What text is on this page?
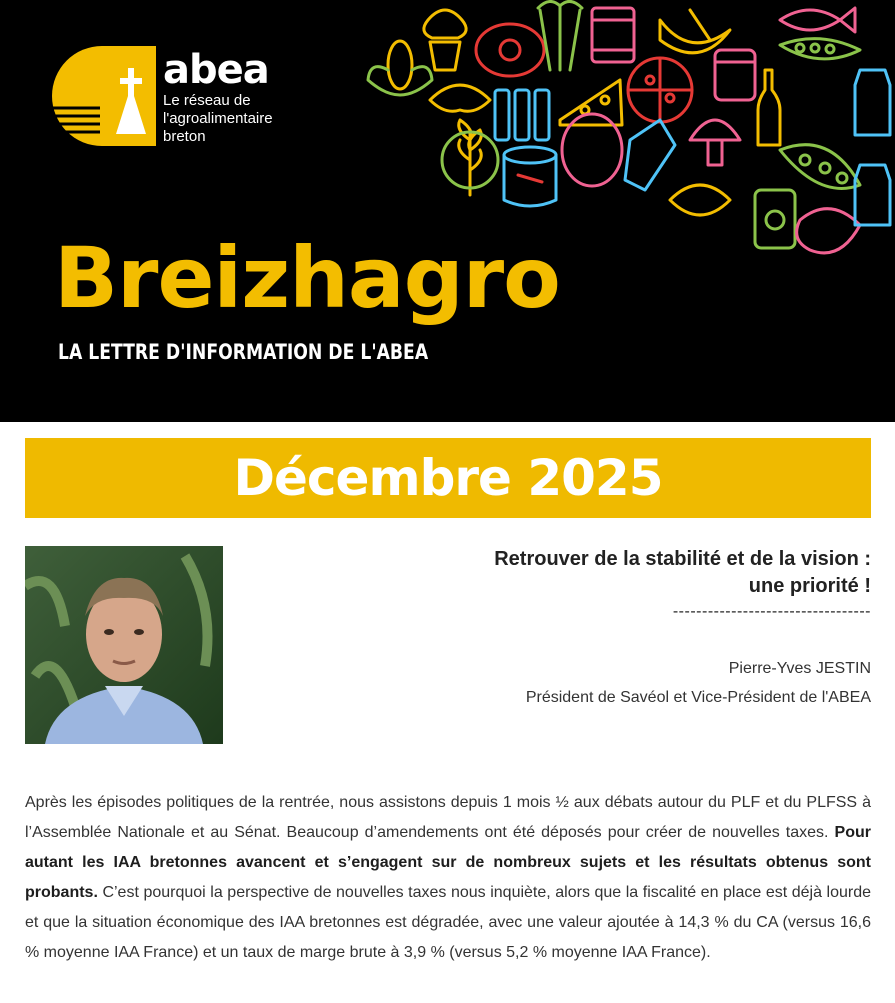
abea
Le réseau de
l'agroalimentaire
breton
Breizhagro
LA LETTRE D'INFORMATION DE L'ABEA
Décembre 2025
Retrouver de la stabilité et de la vision :
une priorité !
----------------------------------
Pierre-Yves JESTIN
Président de Savéol et Vice-Président de l'ABEA
Après les épisodes politiques de la rentrée, nous assistons depuis 1 mois ½ aux débats autour du PLF et du PLFSS à l’Assemblée Nationale et au Sénat. Beaucoup d’amendements ont été déposés pour créer de nouvelles taxes. Pour autant les IAA bretonnes avancent et s’engagent sur de nombreux sujets et les résultats obtenus sont probants. C’est pourquoi la perspective de nouvelles taxes nous inquiète, alors que la fiscalité en place est déjà lourde et que la situation économique des IAA bretonnes est dégradée, avec une valeur ajoutée à 14,3 % du CA (versus 16,6 % moyenne IAA France) et un taux de marge brute à 3,9 % (versus 5,2 % moyenne IAA France).
